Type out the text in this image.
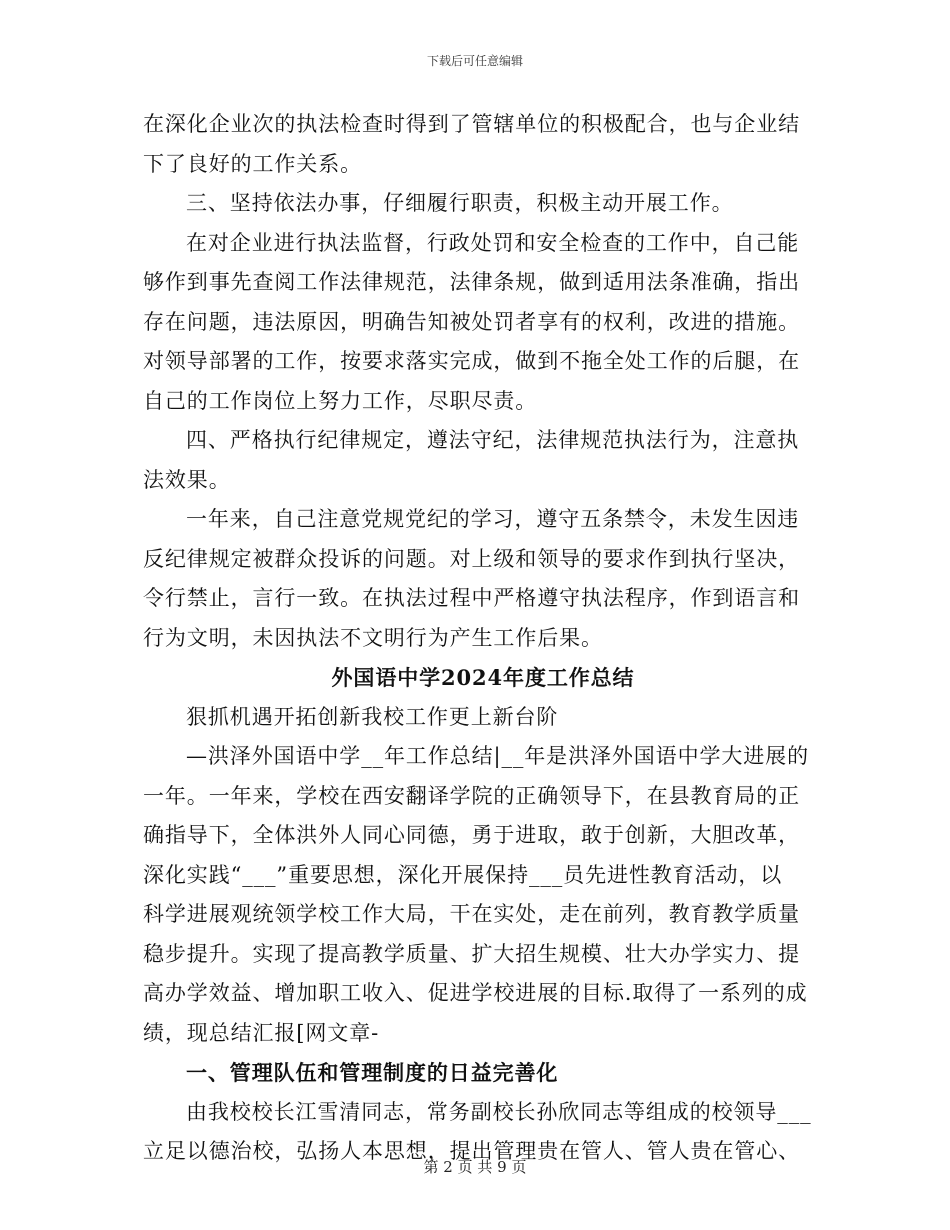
下载后可任意编辑
在深化企业次的执法检查时得到了管辖单位的积极配合，也与企业结
下了良好的工作关系。
三、坚持依法办事，仔细履行职责，积极主动开展工作。
在对企业进行执法监督，行政处罚和安全检查的工作中，自己能
够作到事先查阅工作法律规范，法律条规，做到适用法条准确，指出
存在问题，违法原因，明确告知被处罚者享有的权利，改进的措施。
对领导部署的工作，按要求落实完成，做到不拖全处工作的后腿，在
自己的工作岗位上努力工作，尽职尽责。
四、严格执行纪律规定，遵法守纪，法律规范执法行为，注意执
法效果。
一年来，自己注意党规党纪的学习，遵守五条禁令，未发生因违
反纪律规定被群众投诉的问题。对上级和领导的要求作到执行坚决，
令行禁止，言行一致。在执法过程中严格遵守执法程序，作到语言和
行为文明，未因执法不文明行为产生工作后果。
外国语中学2024年度工作总结
狠抓机遇开拓创新我校工作更上新台阶
—洪泽外国语中学__年工作总结|__年是洪泽外国语中学大进展的
一年。一年来，学校在西安翻译学院的正确领导下，在县教育局的正
确指导下，全体洪外人同心同德，勇于进取，敢于创新，大胆改革，
深化实践“___”重要思想，深化开展保持___员先进性教育活动，以
科学进展观统领学校工作大局，干在实处，走在前列，教育教学质量
稳步提升。实现了提高教学质量、扩大招生规模、壮大办学实力、提
高办学效益、增加职工收入、促进学校进展的目标.取得了一系列的成
绩，现总结汇报[网文章-
一、管理队伍和管理制度的日益完善化
由我校校长江雪清同志，常务副校长孙欣同志等组成的校领导___
立足以德治校，弘扬人本思想，提出管理贵在管人、管人贵在管心、
第 2 页 共 9 页
